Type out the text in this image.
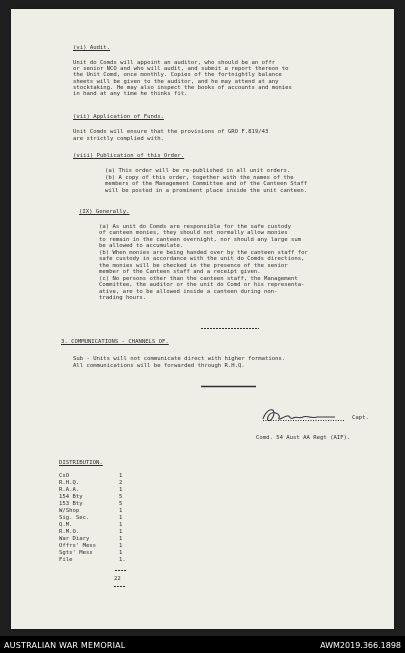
(vi) Audit.
Unit do Comds will appoint an auditor, who should be an offr
or senior NCO and who will audit, and submit a report thereon to
the Unit Comd, once monthly. Copies of the fortnightly balance
sheets will be given to the auditor, and he may attend at any
stocktaking. He may also inspect the books of accounts and monies
in hand at any time he thinks fit.
(vii) Application of Funds.
Unit Comds will ensure that the provisions of GRO F.819/43
are strictly complied with.
(viii) Publication of this Order.
(a) This order will be re-published in all unit orders.
(b) A copy of this order, together with the names of the
members of the Management Committee and of the Canteen Staff
will be posted in a prominent place inside the unit canteen.
(IX) Generally.
(a) As unit do Comds are responsible for the safe custody
of canteen monies, they should not normally allow monies
to remain in the canteen overnight, nor should any large sum
be allowed to accumulate.
(b) When monies are being handed over by the canteen staff for
safe custody in accordance with the unit do Comds directions,
the monies will be checked in the presence of the senior
member of the Canteen staff and a receipt given.
(c) No persons other than the canteen staff, the Management
Committee, the auditor or the unit do Comd or his representa-
ative, are to be allowed inside a canteen during non-
trading hours.
3. COMMUNICATIONS - CHANNELS OF.
Sub - Units will not communicate direct with higher formations.
All communications will be forwarded through R.H.Q.
Capt.
Comd. 54 Aust AA Regt (AIF).
DISTRIBUTION.
CsO	1
R.H.Q.	2
R.A.A.	1
154 Bty	5
153 Bty	5
W/Shop	1
Sig. Sec.	1
Q.M.	1
R.M.O.	1
War Diary	1
Offrs' Mess	1
Sgts' Mess	1
File	1.
22
AUSTRALIAN WAR MEMORIAL	AWM2019.366.1898
